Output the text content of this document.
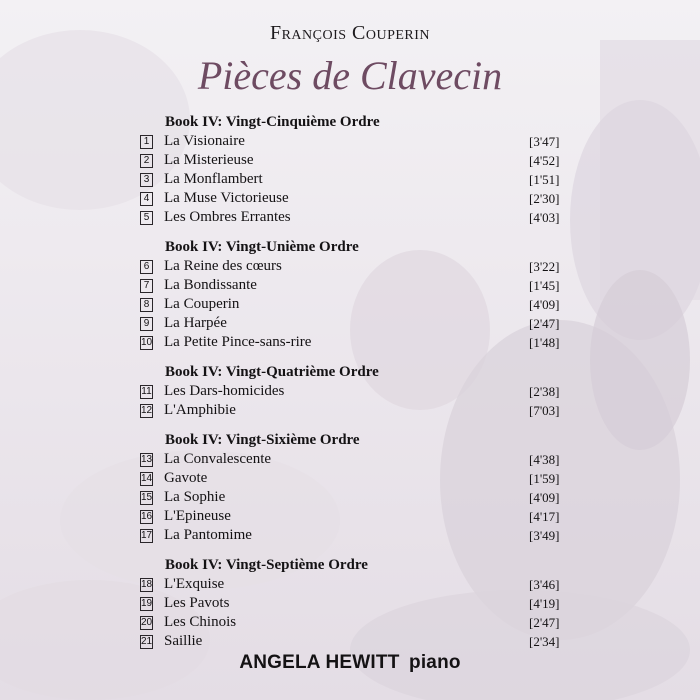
François Couperin
Pièces de Clavecin
Book IV: Vingt-Cinquième Ordre
1 La Visionaire	[3'47]
2 La Misterieuse	[4'52]
3 La Monflambert	[1'51]
4 La Muse Victorieuse	[2'30]
5 Les Ombres Errantes	[4'03]
Book IV: Vingt-Unième Ordre
6 La Reine des cœurs	[3'22]
7 La Bondissante	[1'45]
8 La Couperin	[4'09]
9 La Harpée	[2'47]
10 La Petite Pince-sans-rire	[1'48]
Book IV: Vingt-Quatrième Ordre
11 Les Dars-homicides	[2'38]
12 L'Amphibie	[7'03]
Book IV: Vingt-Sixième Ordre
13 La Convalescente	[4'38]
14 Gavote	[1'59]
15 La Sophie	[4'09]
16 L'Epineuse	[4'17]
17 La Pantomime	[3'49]
Book IV: Vingt-Septième Ordre
18 L'Exquise	[3'46]
19 Les Pavots	[4'19]
20 Les Chinois	[2'47]
21 Saillie	[2'34]
ANGELA HEWITT piano
